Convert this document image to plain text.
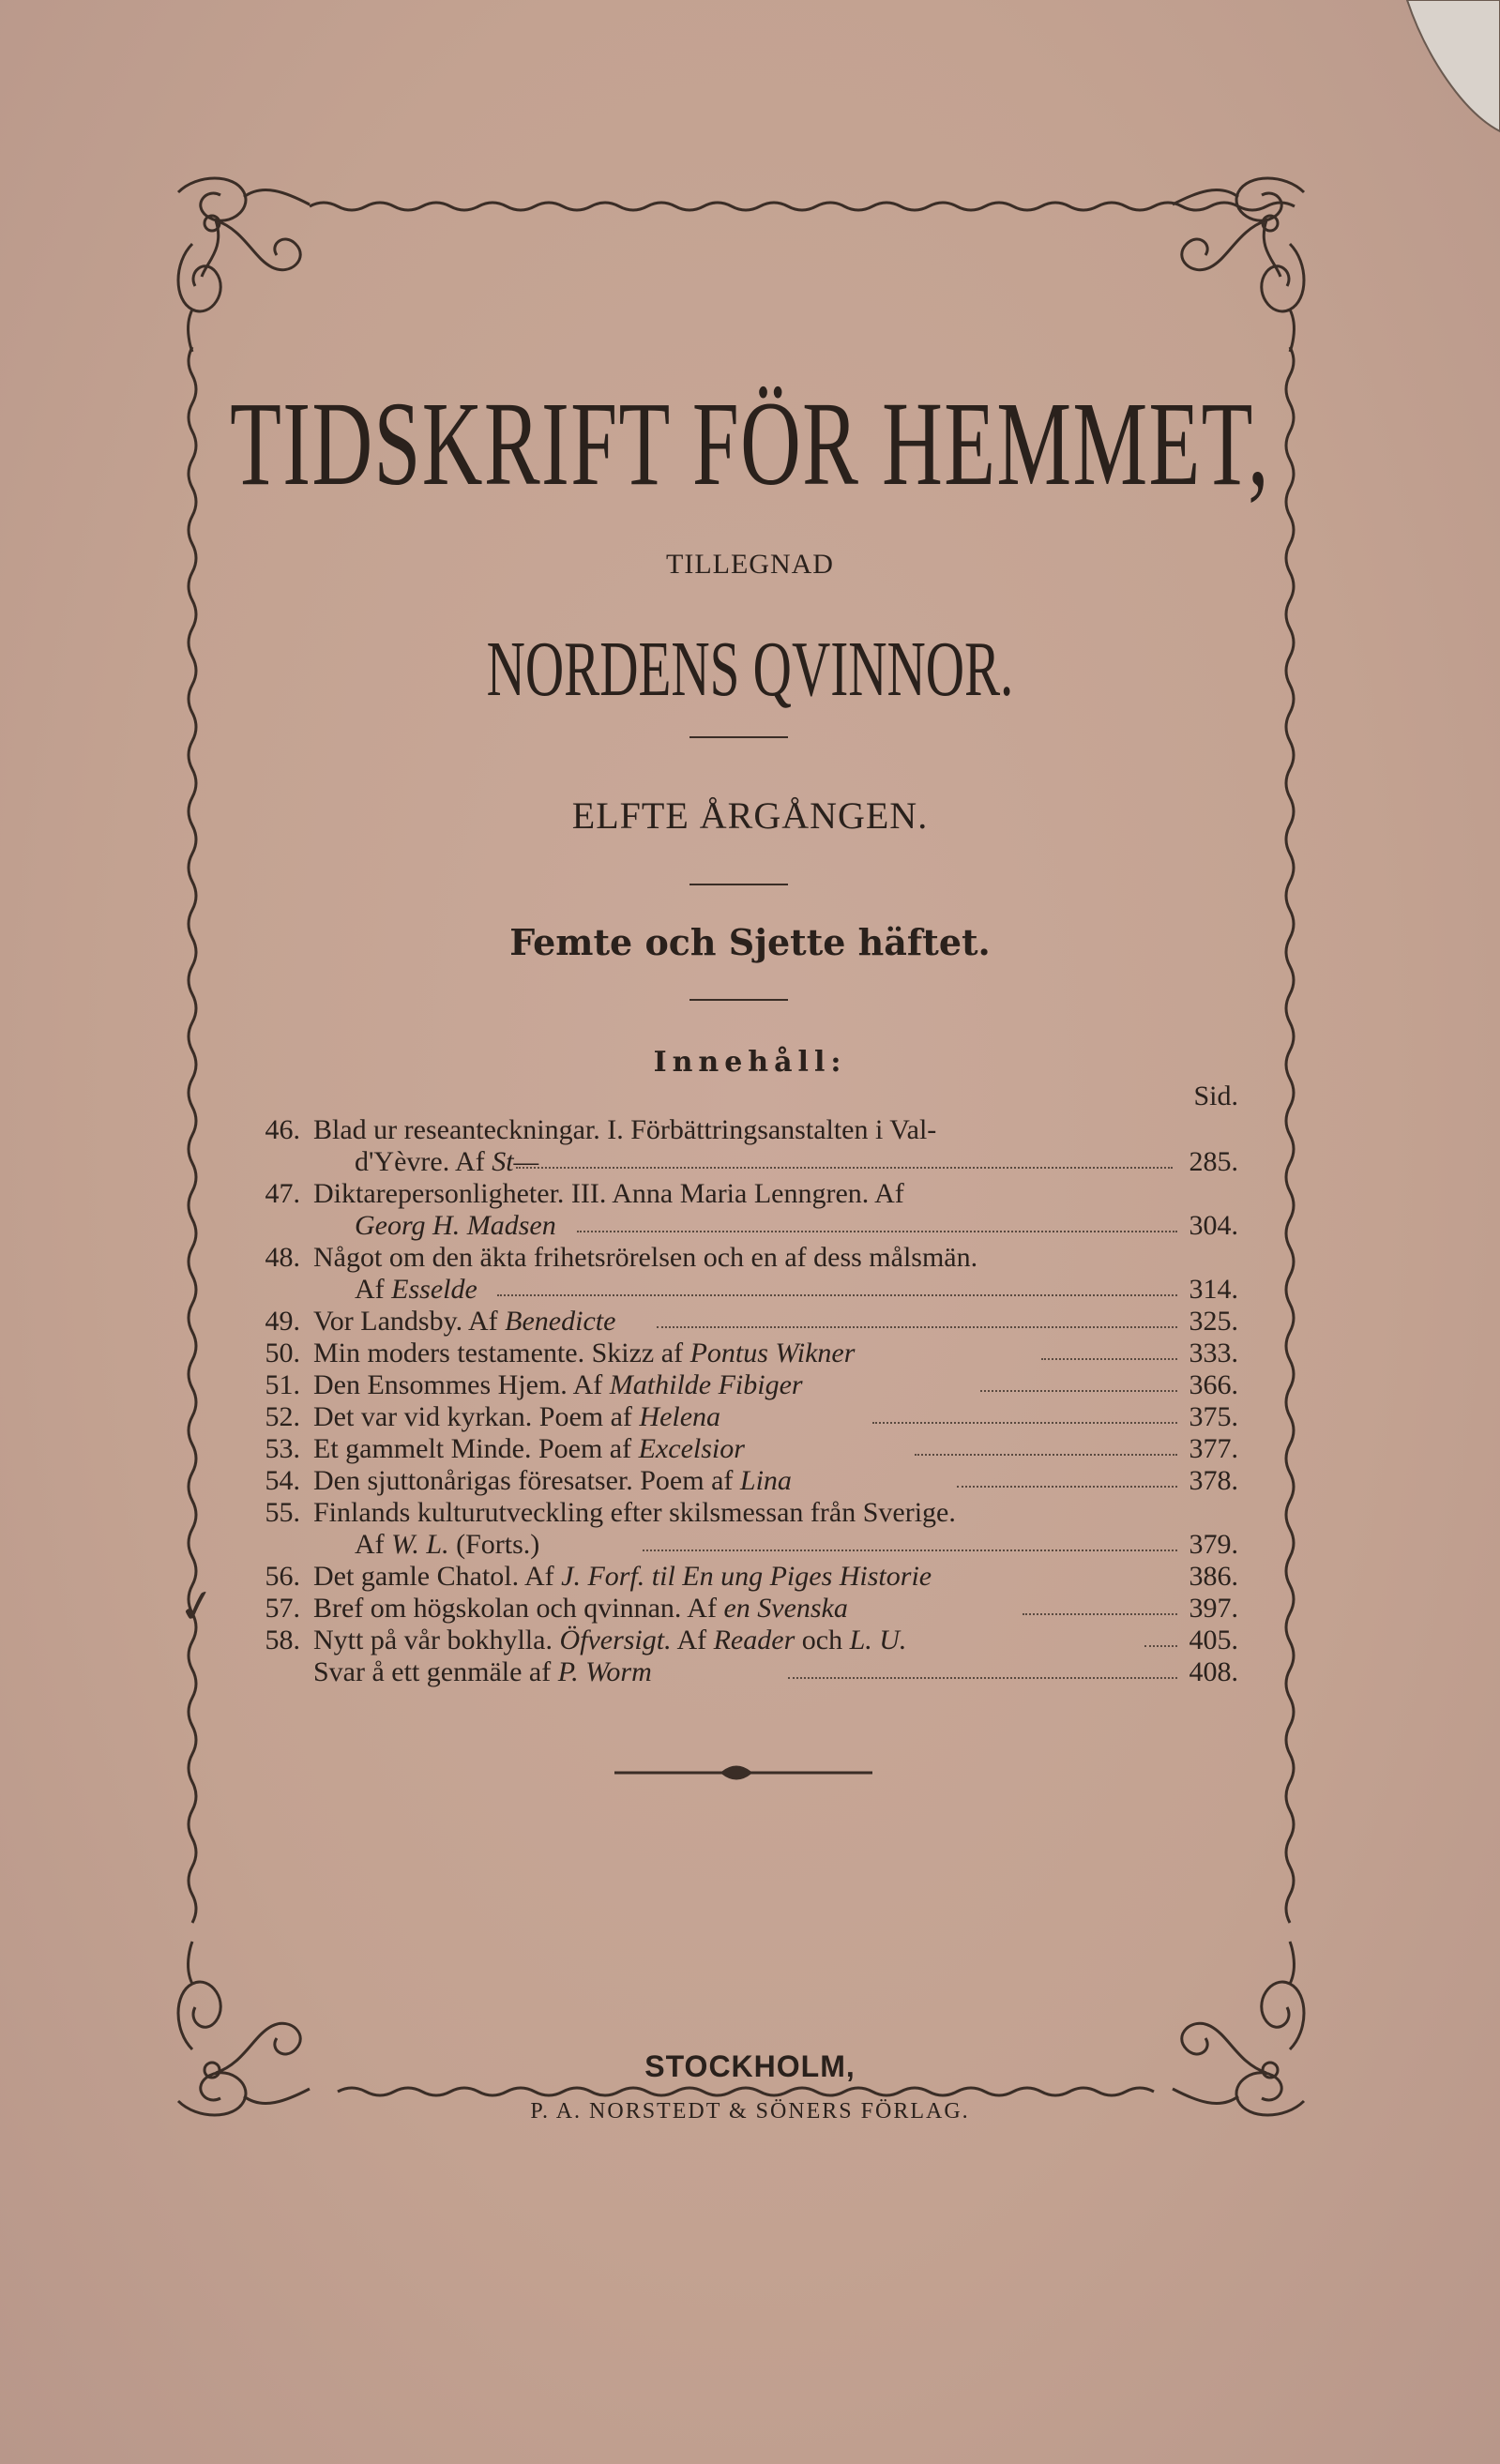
TIDSKRIFT FÖR HEMMET,
TILLEGNAD
NORDENS QVINNOR.
ELFTE ÅRGÅNGEN.
Femte och Sjette häftet.
Innehåll:
Sid.
46. Blad ur reseanteckningar. I. Förbättringsanstalten i Val-
d'Yèvre. Af St—	285.
47. Diktarepersonligheter. III. Anna Maria Lenngren. Af
Georg H. Madsen	304.
48. Något om den äkta frihetsrörelsen och en af dess målsmän.
Af Esselde	314.
49. Vor Landsby. Af Benedicte	325.
50. Min moders testamente. Skizz af Pontus Wikner	333.
51. Den Ensommes Hjem. Af Mathilde Fibiger	366.
52. Det var vid kyrkan. Poem af Helena	375.
53. Et gammelt Minde. Poem af Excelsior	377.
54. Den sjuttonårigas föresatser. Poem af Lina	378.
55. Finlands kulturutveckling efter skilsmessan från Sverige.
Af W. L. (Forts.)	379.
56. Det gamle Chatol. Af J. Forf. til En ung Piges Historie	386.
57. Bref om högskolan och qvinnan. Af en Svenska	397.
58. Nytt på vår bokhylla. Öfversigt. Af Reader och L. U.	405.
Svar å ett genmäle af P. Worm	408.
✓
STOCKHOLM,
P. A. NORSTEDT & SÖNERS FÖRLAG.
